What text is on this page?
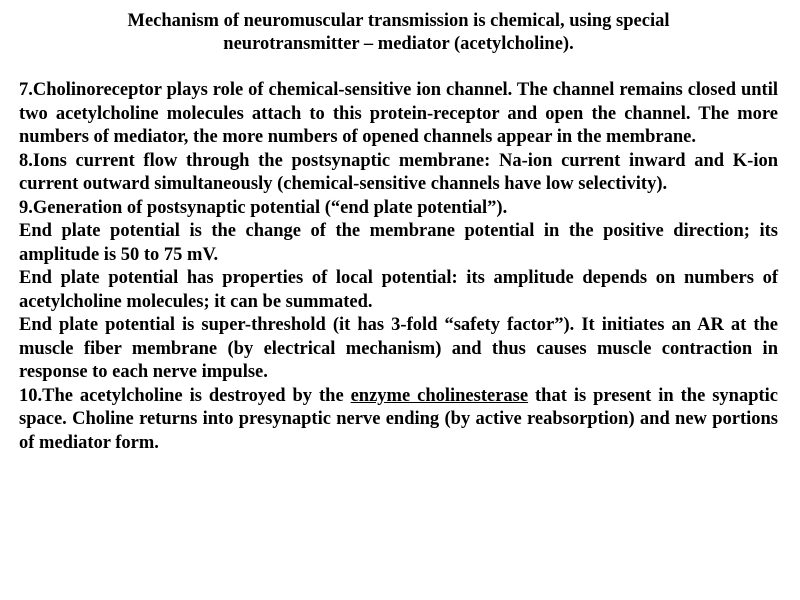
Mechanism of neuromuscular transmission is chemical, using special
neurotransmitter – mediator (acetylcholine).

7.Cholinoreceptor plays role of chemical-sensitive ion channel. The channel remains closed until two acetylcholine molecules attach to this protein-receptor and open the channel. The more numbers of mediator, the more numbers of opened channels appear in the membrane.

8.Ions current flow through the postsynaptic membrane: Na-ion current inward and K-ion current outward simultaneously (chemical-sensitive channels have low selectivity).

9.Generation of postsynaptic potential (“end plate potential”).

End plate potential is the change of the membrane potential in the positive direction; its amplitude is 50 to 75 mV.

End plate potential has properties of local potential: its amplitude depends on numbers of acetylcholine molecules; it can be summated.

End plate potential is super-threshold (it has 3-fold “safety factor”). It initiates an AR at the muscle fiber membrane (by electrical mechanism) and thus causes muscle contraction in response to each nerve impulse.

10.The acetylcholine is destroyed by the enzyme cholinesterase that is present in the synaptic space. Choline returns into presynaptic nerve ending (by active reabsorption) and new portions of mediator form.
